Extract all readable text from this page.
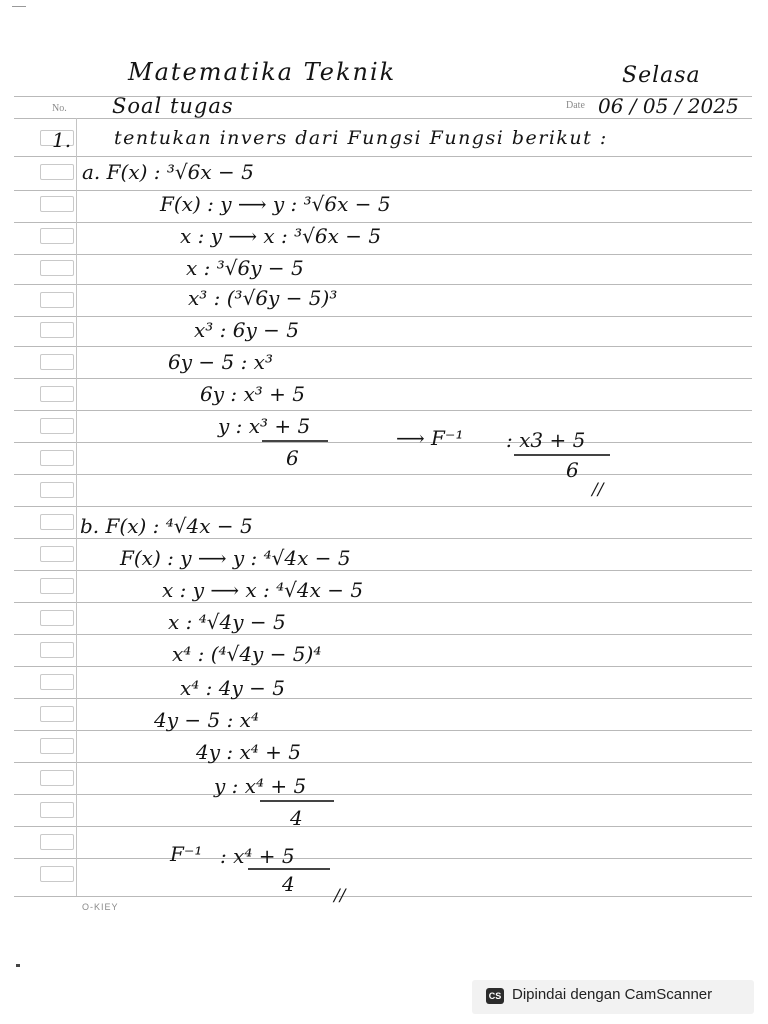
Matematika Teknik	Selasa
No. Soal tugas	Date 06 / 05 / 2025
1. tentukan invers dari Fungsi Fungsi berikut :
a. F(x) : ³√6x − 5
F(x) : y ⟶ y : ³√6x − 5
x : y ⟶ x : ³√6x − 5
x : ³√6y − 5
x³ : (³√6y − 5)³
x³ : 6y − 5
6y − 5 : x³
6y : x³ + 5
y : x³ + 5
6
⟶ F⁻¹ : x3 + 5
6
//
b. F(x) : ⁴√4x − 5
F(x) : y ⟶ y : ⁴√4x − 5
x : y ⟶ x : ⁴√4x − 5
x : ⁴√4y − 5
x⁴ : (⁴√4y − 5)⁴
x⁴ : 4y − 5
4y − 5 : x⁴
4y : x⁴ + 5
y : x⁴ + 5
4
F⁻¹ : x⁴ + 5
4 //
O-KIEY
CS Dipindai dengan CamScanner
